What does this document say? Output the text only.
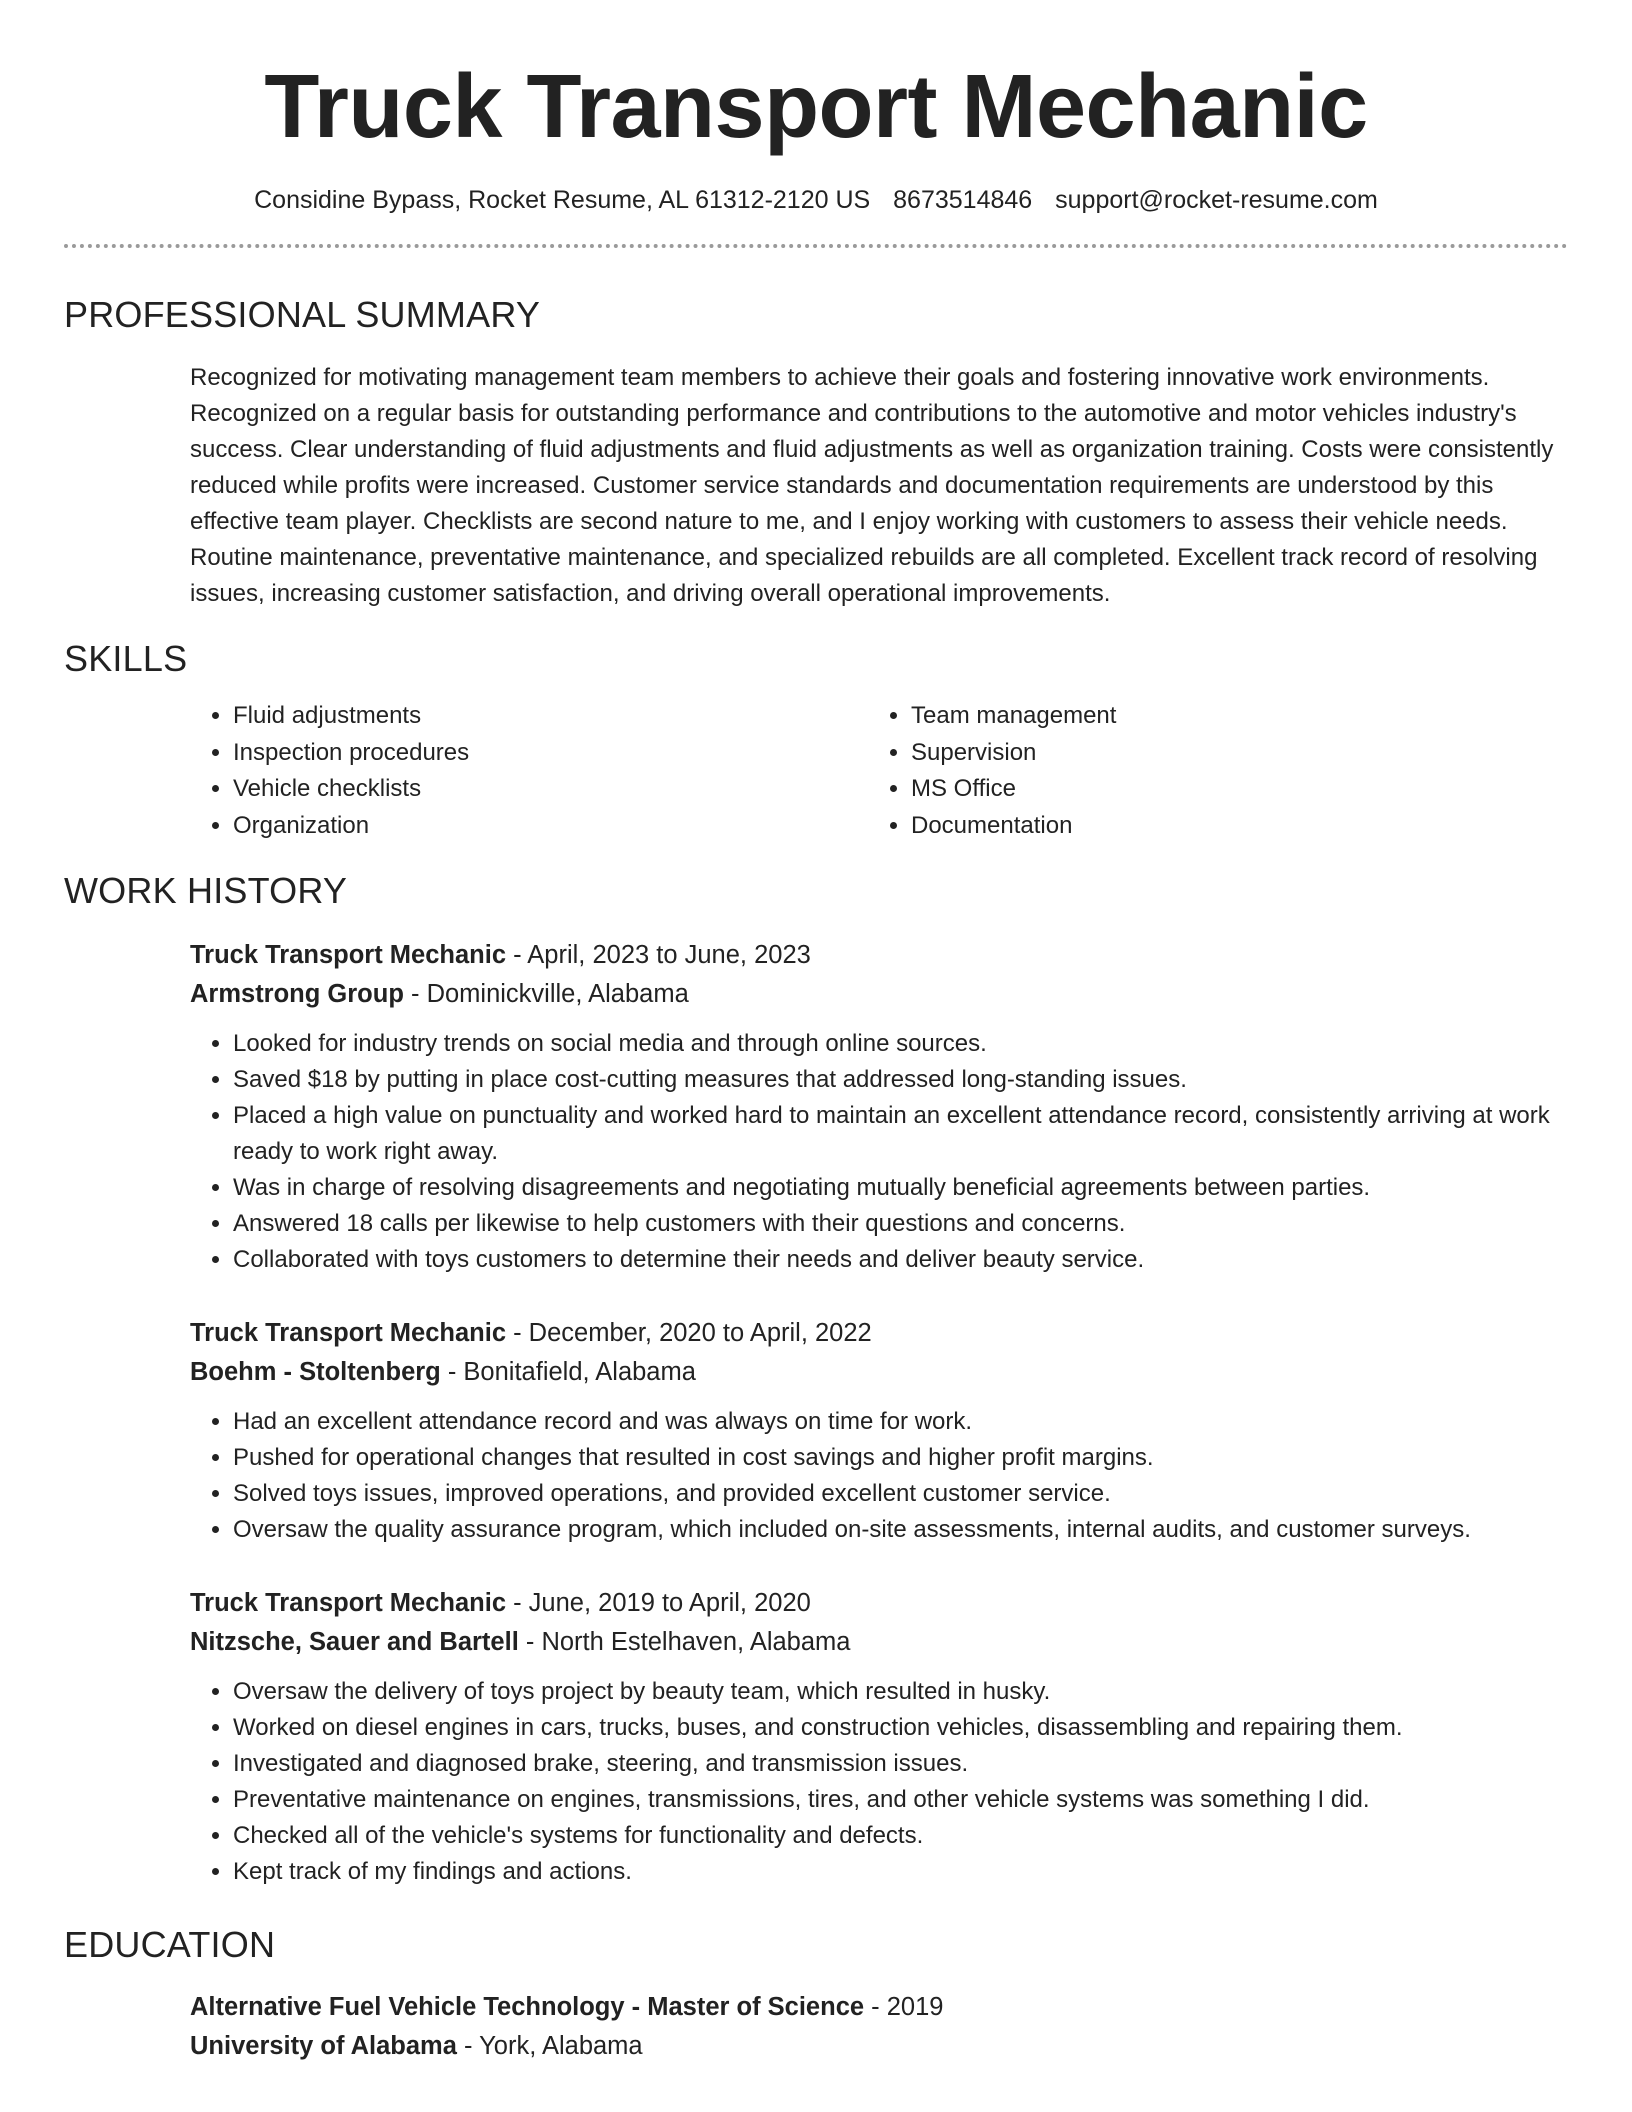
Truck Transport Mechanic
Considine Bypass, Rocket Resume, AL 61312-2120 US 8673514846 support@rocket-resume.com
PROFESSIONAL SUMMARY

Recognized for motivating management team members to achieve their goals and fostering innovative work environments. Recognized on a regular basis for outstanding performance and contributions to the automotive and motor vehicles industry's success. Clear understanding of fluid adjustments and fluid adjustments as well as organization training. Costs were consistently reduced while profits were increased. Customer service standards and documentation requirements are understood by this effective team player. Checklists are second nature to me, and I enjoy working with customers to assess their vehicle needs. Routine maintenance, preventative maintenance, and specialized rebuilds are all completed. Excellent track record of resolving issues, increasing customer satisfaction, and driving overall operational improvements.

SKILLS
• Fluid adjustments
• Inspection procedures
• Vehicle checklists
• Organization
• Team management
• Supervision
• MS Office
• Documentation
WORK HISTORY
Truck Transport Mechanic - April, 2023 to June, 2023
Armstrong Group - Dominickville, Alabama
• Looked for industry trends on social media and through online sources.
• Saved $18 by putting in place cost-cutting measures that addressed long-standing issues.
• Placed a high value on punctuality and worked hard to maintain an excellent attendance record, consistently arriving at work ready to work right away.
• Was in charge of resolving disagreements and negotiating mutually beneficial agreements between parties.
• Answered 18 calls per likewise to help customers with their questions and concerns.
• Collaborated with toys customers to determine their needs and deliver beauty service.
Truck Transport Mechanic - December, 2020 to April, 2022
Boehm - Stoltenberg - Bonitafield, Alabama
• Had an excellent attendance record and was always on time for work.
• Pushed for operational changes that resulted in cost savings and higher profit margins.
• Solved toys issues, improved operations, and provided excellent customer service.
• Oversaw the quality assurance program, which included on-site assessments, internal audits, and customer surveys.
Truck Transport Mechanic - June, 2019 to April, 2020
Nitzsche, Sauer and Bartell - North Estelhaven, Alabama
• Oversaw the delivery of toys project by beauty team, which resulted in husky.
• Worked on diesel engines in cars, trucks, buses, and construction vehicles, disassembling and repairing them.
• Investigated and diagnosed brake, steering, and transmission issues.
• Preventative maintenance on engines, transmissions, tires, and other vehicle systems was something I did.
• Checked all of the vehicle's systems for functionality and defects.
• Kept track of my findings and actions.
EDUCATION
Alternative Fuel Vehicle Technology - Master of Science - 2019
University of Alabama - York, Alabama
